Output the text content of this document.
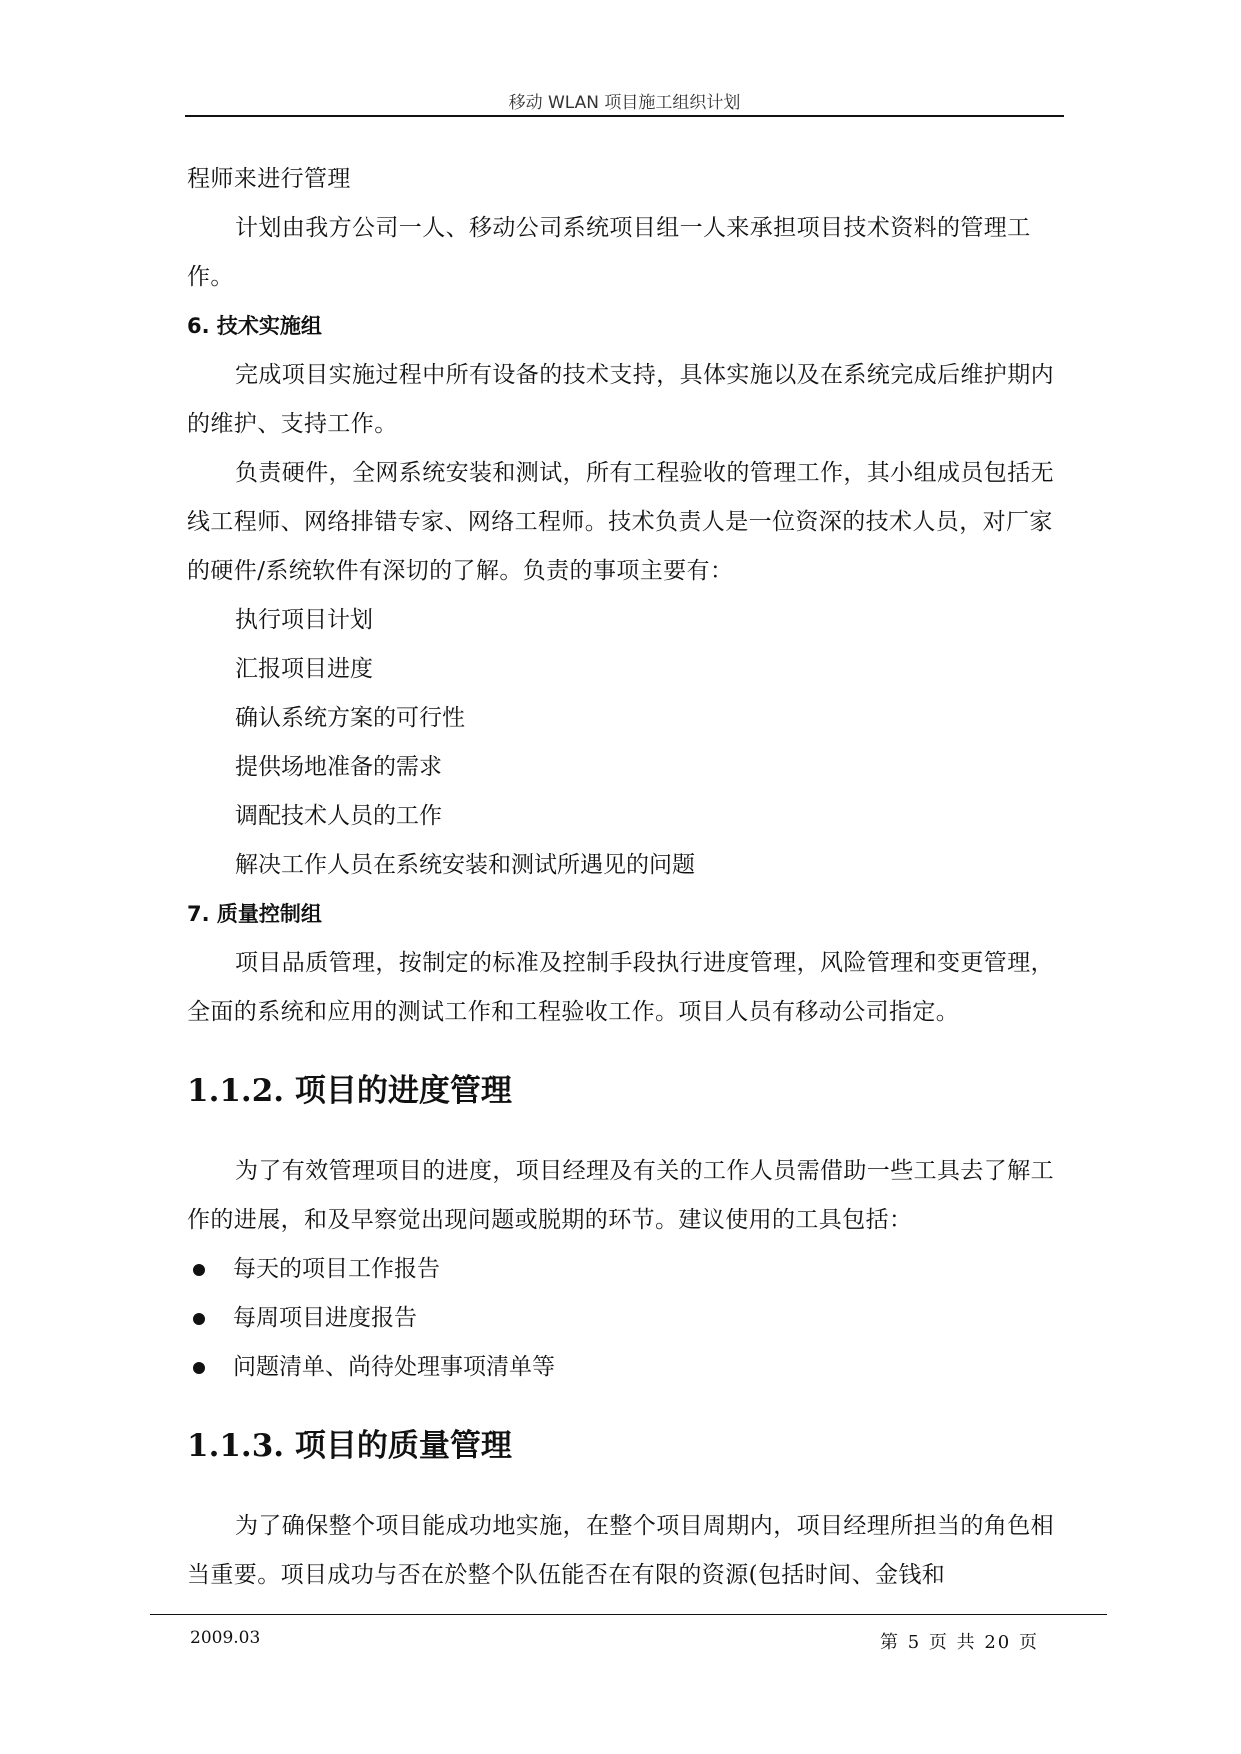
移动 WLAN 项目施工组织计划

程师来进行管理

计划由我方公司一人、移动公司系统项目组一人来承担项目技术资料的管理工作。

6. 技术实施组

完成项目实施过程中所有设备的技术支持，具体实施以及在系统完成后维护期内的维护、支持工作。

负责硬件，全网系统安装和测试，所有工程验收的管理工作，其小组成员包括无线工程师、网络排错专家、网络工程师。技术负责人是一位资深的技术人员，对厂家的硬件/系统软件有深切的了解。负责的事项主要有：

执行项目计划

汇报项目进度

确认系统方案的可行性

提供场地准备的需求

调配技术人员的工作

解决工作人员在系统安装和测试所遇见的问题

7. 质量控制组

项目品质管理，按制定的标准及控制手段执行进度管理，风险管理和变更管理，全面的系统和应用的测试工作和工程验收工作。项目人员有移动公司指定。

1.1.2. 项目的进度管理

为了有效管理项目的进度，项目经理及有关的工作人员需借助一些工具去了解工作的进展，和及早察觉出现问题或脱期的环节。建议使用的工具包括：

每天的项目工作报告
每周项目进度报告
问题清单、尚待处理事项清单等
1.1.3. 项目的质量管理

为了确保整个项目能成功地实施，在整个项目周期内，项目经理所担当的角色相当重要。项目成功与否在於整个队伍能否在有限的资源(包括时间、金钱和

2009.03	第 5 页 共 20 页
